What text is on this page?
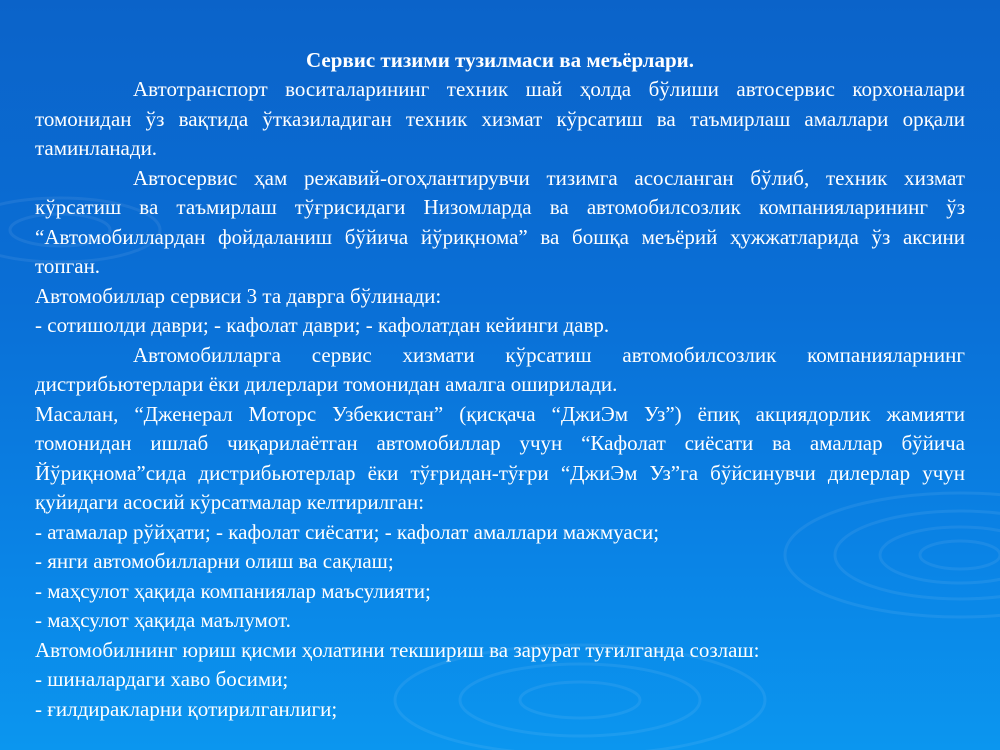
Сервис тизими тузилмаси ва меъёрлари.

Автотранспорт воситаларининг техник шай ҳолда бўлиши автосервис корхоналари томонидан ўз вақтида ўтказиладиган техник хизмат кўрсатиш ва таъмирлаш амаллари орқали таминланади.

Автосервис ҳам режавий-огоҳлантирувчи тизимга асосланган бўлиб, техник хизмат кўрсатиш ва таъмирлаш тўғрисидаги Низомларда ва автомобилсозлик компанияларининг ўз “Автомобиллардан фойдаланиш бўйича йўриқнома” ва бошқа меъёрий ҳужжатларида ўз аксини топган.

Автомобиллар сервиси 3 та даврга бўлинади:

- сотишолди даври; - кафолат даври; - кафолатдан кейинги давр.

Автомобилларга сервис хизмати кўрсатиш автомобилсозлик компанияларнинг дистрибьютерлари ёки дилерлари томонидан амалга оширилади.

Масалан, “Дженерал Моторс Узбекистан” (қисқача “ДжиЭм Уз”) ёпиқ акциядорлик жамияти томонидан ишлаб чиқарилаётган автомобиллар учун “Кафолат сиёсати ва амаллар бўйича Йўриқнома”сида дистрибьютерлар ёки тўғридан-тўғри “ДжиЭм Уз”га бўйсинувчи дилерлар учун қуйидаги асосий кўрсатмалар келтирилган:

- атамалар рўйҳати; - кафолат сиёсати; - кафолат амаллари мажмуаси;

- янги автомобилларни олиш ва сақлаш;

- маҳсулот ҳақида компаниялар маъсулияти;

- маҳсулот ҳақида маълумот.

Автомобилнинг юриш қисми ҳолатини текшириш ва зарурат туғилганда созлаш:

- шиналардаги хаво босими;

- ғилдиракларни қотирилганлиги;
